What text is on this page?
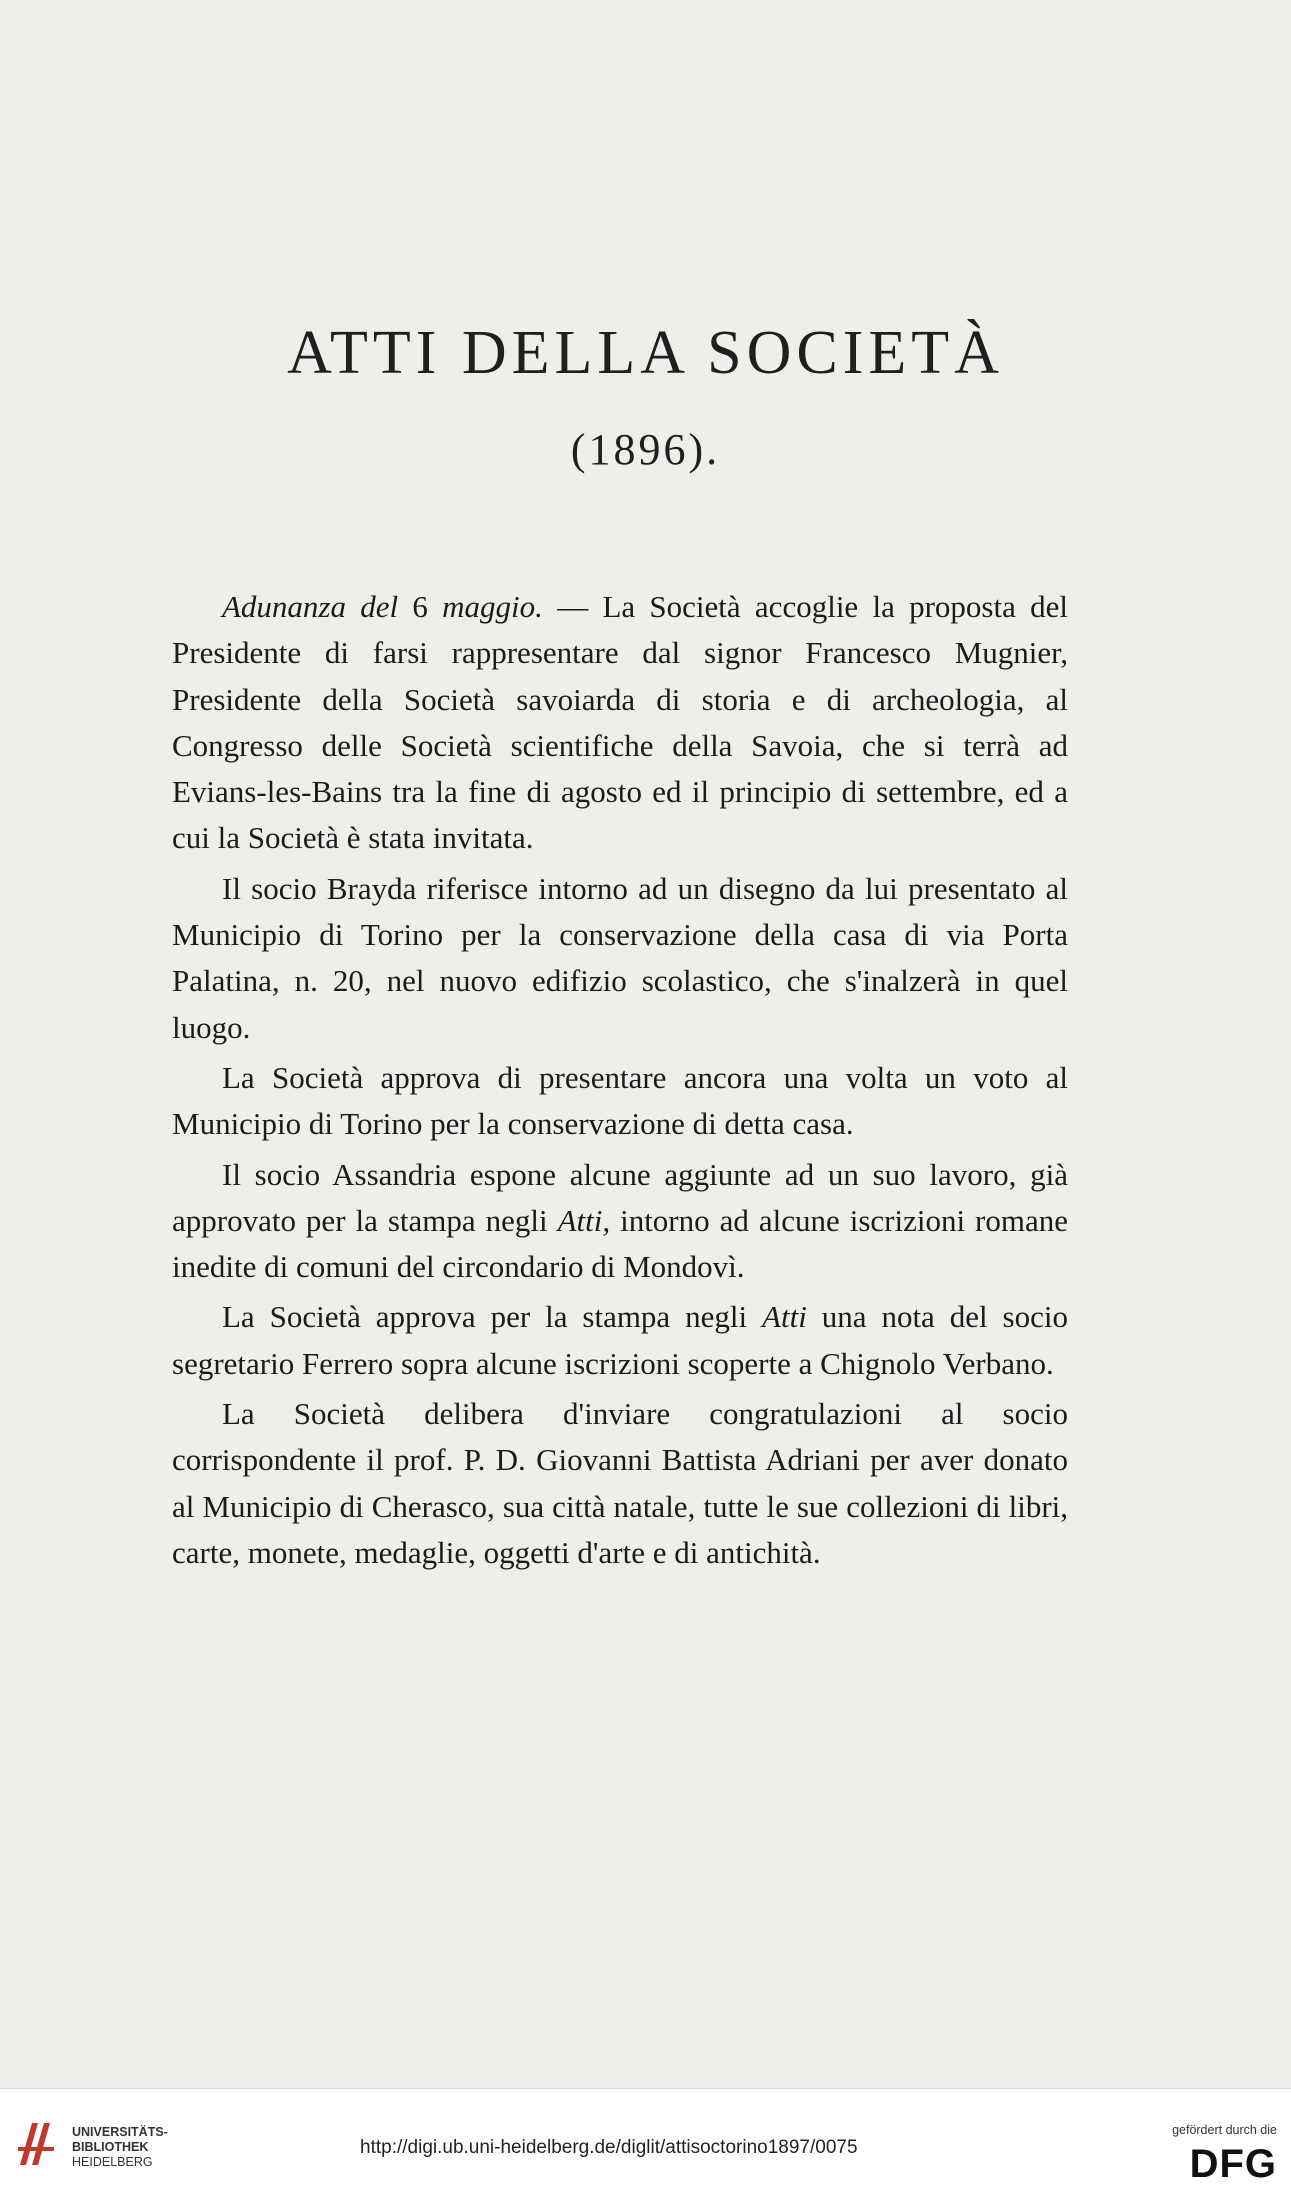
ATTI DELLA SOCIETÀ
(1896).

Adunanza del 6 maggio. — La Società accoglie la proposta del Presidente di farsi rappresentare dal signor Francesco Mugnier, Presidente della Società savoiarda di storia e di archeologia, al Congresso delle Società scientifiche della Savoia, che si terrà ad Evians-les-Bains tra la fine di agosto ed il principio di settembre, ed a cui la Società è stata invitata.

Il socio Brayda riferisce intorno ad un disegno da lui presentato al Municipio di Torino per la conservazione della casa di via Porta Palatina, n. 20, nel nuovo edifizio scolastico, che s'inalzerà in quel luogo.

La Società approva di presentare ancora una volta un voto al Municipio di Torino per la conservazione di detta casa.

Il socio Assandria espone alcune aggiunte ad un suo lavoro, già approvato per la stampa negli Atti, intorno ad alcune iscrizioni romane inedite di comuni del circondario di Mondovì.

La Società approva per la stampa negli Atti una nota del socio segretario Ferrero sopra alcune iscrizioni scoperte a Chignolo Verbano.

La Società delibera d'inviare congratulazioni al socio corrispondente il prof. P. D. Giovanni Battista Adriani per aver donato al Municipio di Cherasco, sua città natale, tutte le sue collezioni di libri, carte, monete, medaglie, oggetti d'arte e di antichità.

UNIVERSITÄTS-
BIBLIOTHEK
HEIDELBERG
http://digi.ub.uni-heidelberg.de/diglit/attisoctorino1897/0075
gefördert durch die
DFG
